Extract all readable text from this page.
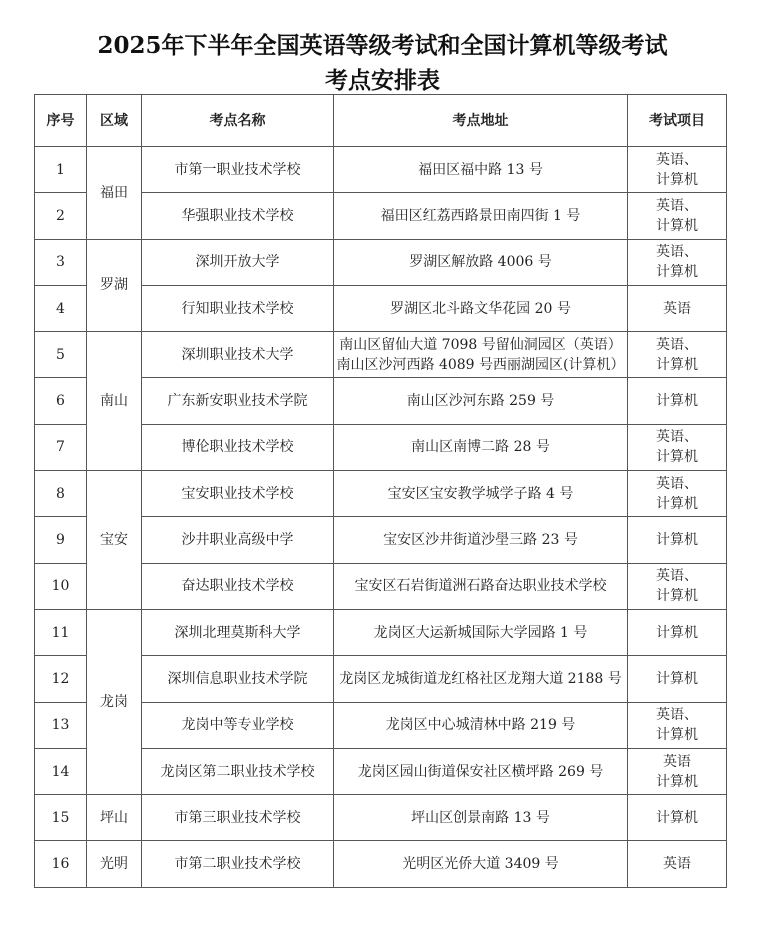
2025年下半年全国英语等级考试和全国计算机等级考试
考点安排表
序号	区域	考点名称	考点地址	考试项目
1	福田	市第一职业技术学校	福田区福中路 13 号	英语、
计算机

2		华强职业技术学校	福田区红荔西路景田南四街 1 号	英语、
计算机

3	罗湖	深圳开放大学	罗湖区解放路 4006 号	英语、
计算机

4		行知职业技术学校	罗湖区北斗路文华花园 20 号	英语

5	南山	深圳职业技术大学	南山区留仙大道 7098 号留仙洞园区（英语）
南山区沙河西路 4089 号西丽湖园区(计算机）	英语、
计算机

6		广东新安职业技术学院	南山区沙河东路 259 号	计算机

7		博伦职业技术学校	南山区南博二路 28 号	英语、
计算机

8	宝安	宝安职业技术学校	宝安区宝安教学城学子路 4 号	英语、
计算机

9		沙井职业高级中学	宝安区沙井街道沙壆三路 23 号	计算机

10		奋达职业技术学校	宝安区石岩街道洲石路奋达职业技术学校	英语、
计算机

11	龙岗	深圳北理莫斯科大学	龙岗区大运新城国际大学园路 1 号	计算机

12		深圳信息职业技术学院	龙岗区龙城街道龙红格社区龙翔大道 2188 号	计算机

13		龙岗中等专业学校	龙岗区中心城清林中路 219 号	英语、
计算机

14		龙岗区第二职业技术学校	龙岗区园山街道保安社区横坪路 269 号	英语
计算机

15	坪山	市第三职业技术学校	坪山区创景南路 13 号	计算机

16	光明	市第二职业技术学校	光明区光侨大道 3409 号	英语
